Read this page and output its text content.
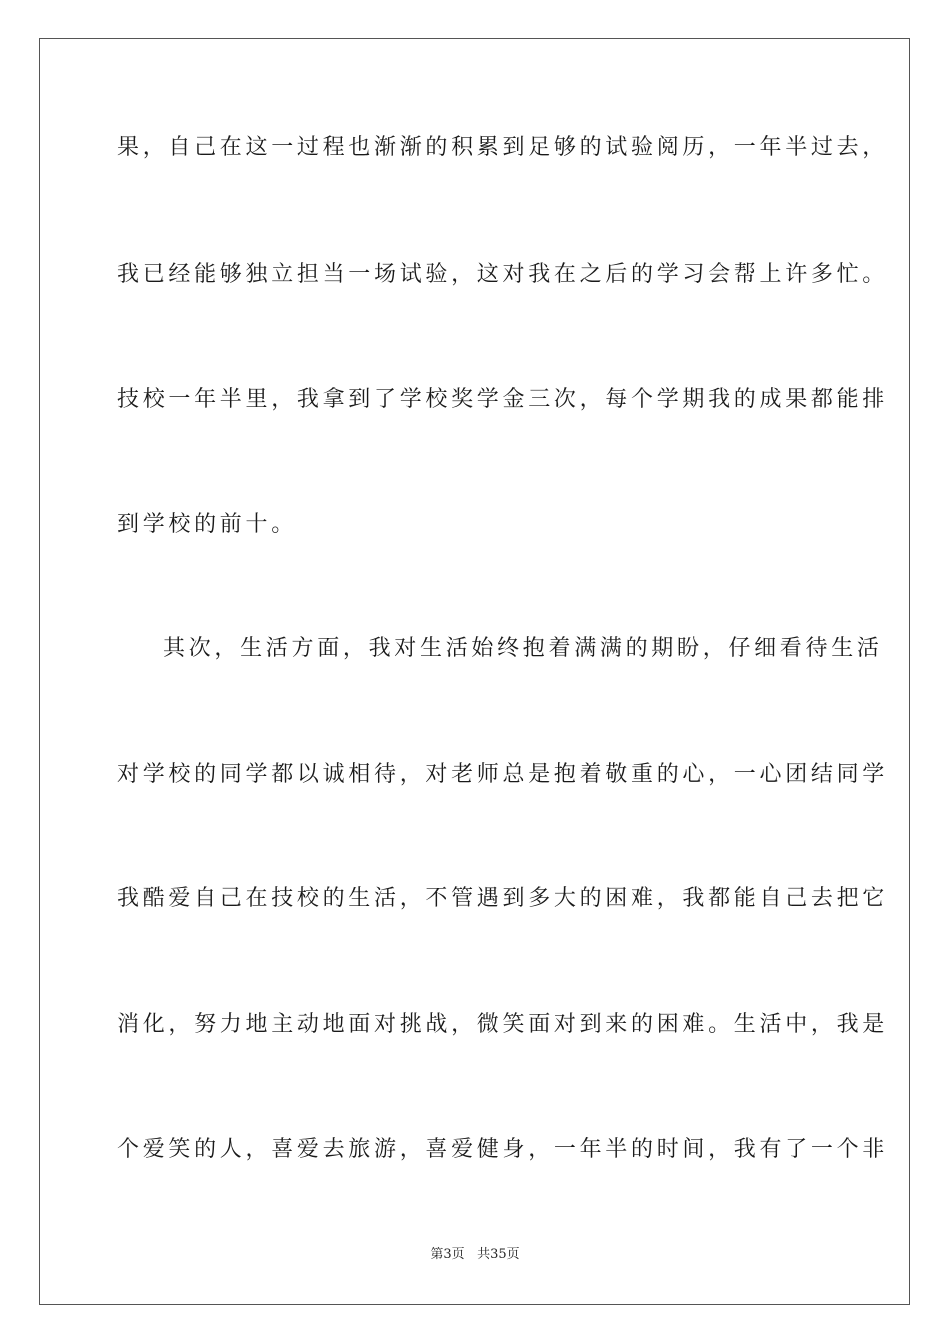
果，自己在这一过程也渐渐的积累到足够的试验阅历，一年半过去，
我已经能够独立担当一场试验，这对我在之后的学习会帮上许多忙。
技校一年半里，我拿到了学校奖学金三次，每个学期我的成果都能排
到学校的前十。
其次，生活方面，我对生活始终抱着满满的期盼，仔细看待生活
对学校的同学都以诚相待，对老师总是抱着敬重的心，一心团结同学
我酷爱自己在技校的生活，不管遇到多大的困难，我都能自己去把它
消化，努力地主动地面对挑战，微笑面对到来的困难。生活中，我是
个爱笑的人，喜爱去旅游，喜爱健身，一年半的时间，我有了一个非
第3页 共35页
